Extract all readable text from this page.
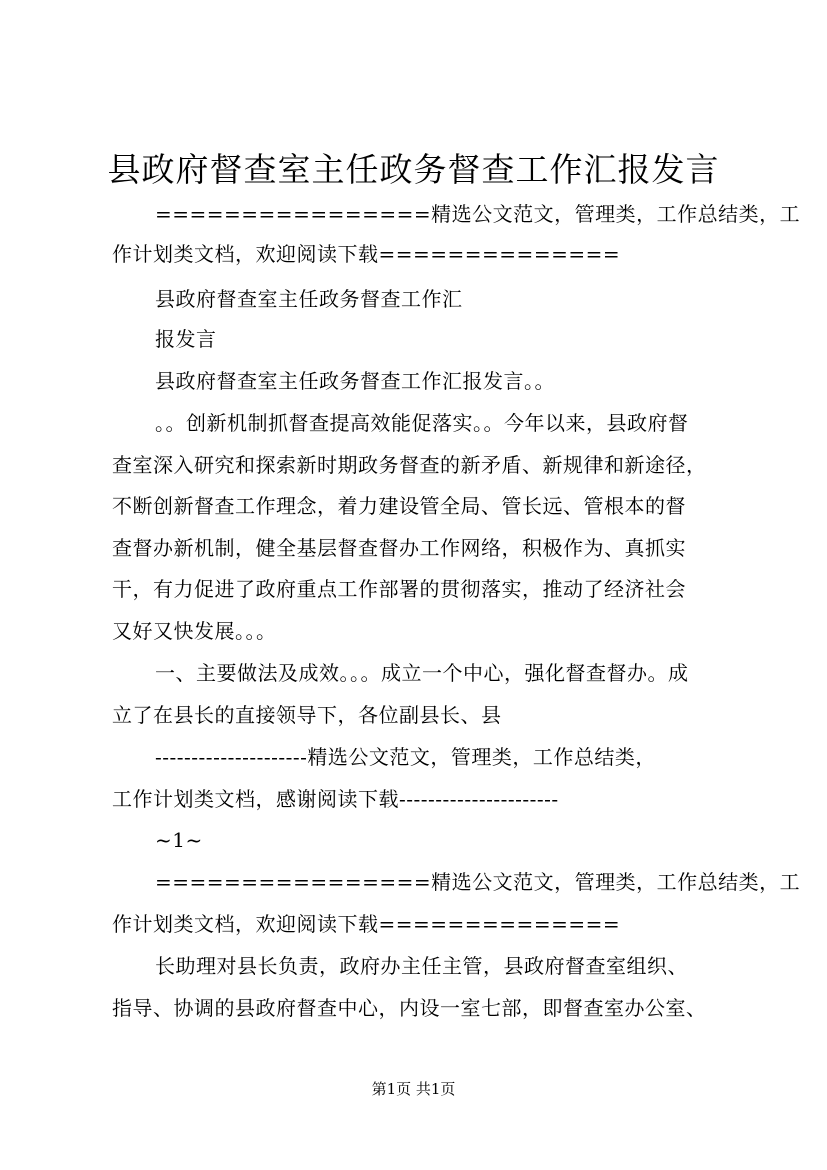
县政府督查室主任政务督查工作汇报发言
================精选公文范文，管理类，工作总结类，工
作计划类文档，欢迎阅读下载==============
县政府督查室主任政务督查工作汇
报发言
县政府督查室主任政务督查工作汇报发言。。
。。创新机制抓督查提高效能促落实。。今年以来，县政府督
查室深入研究和探索新时期政务督查的新矛盾、新规律和新途径，
不断创新督查工作理念，着力建设管全局、管长远、管根本的督
查督办新机制，健全基层督查督办工作网络，积极作为、真抓实
干，有力促进了政府重点工作部署的贯彻落实，推动了经济社会
又好又快发展。。。
一、主要做法及成效。。。成立一个中心，强化督查督办。成
立了在县长的直接领导下，各位副县长、县
---------------------精选公文范文，管理类，工作总结类，
工作计划类文档，感谢阅读下载----------------------
~1~
================精选公文范文，管理类，工作总结类，工
作计划类文档，欢迎阅读下载==============
长助理对县长负责，政府办主任主管，县政府督查室组织、
指导、协调的县政府督查中心，内设一室七部，即督查室办公室、
第1页 共1页
